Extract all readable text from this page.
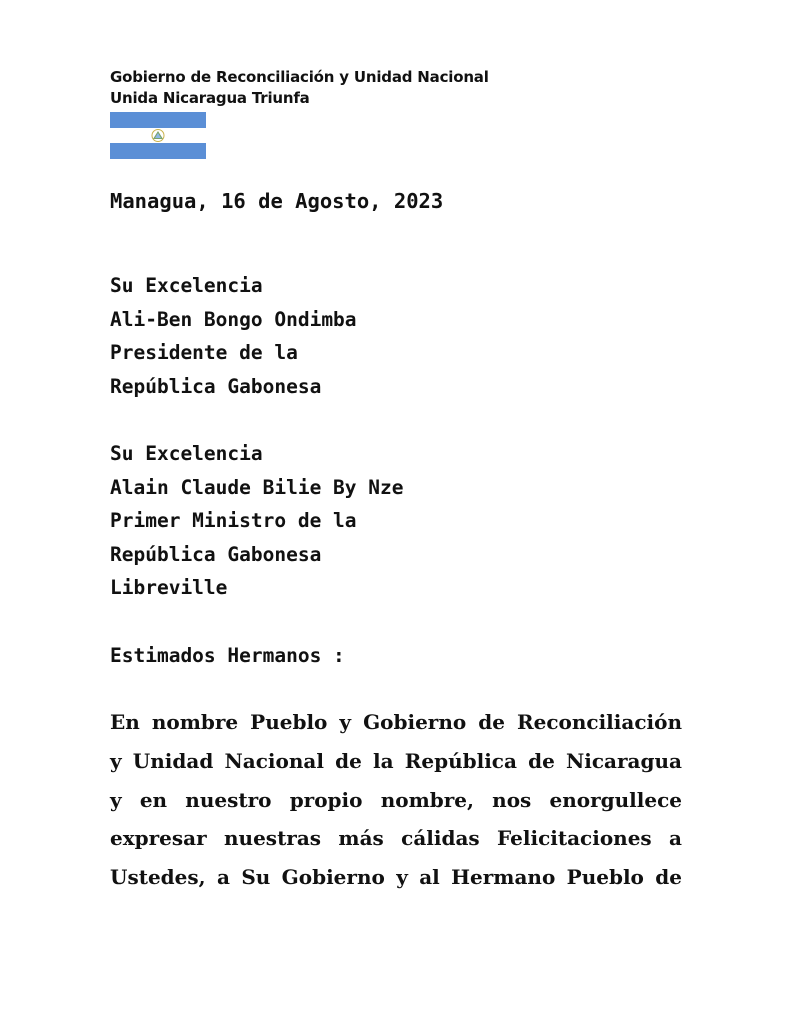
Gobierno de Reconciliación y Unidad Nacional
Unida Nicaragua Triunfa
Managua, 16 de Agosto, 2023
Su Excelencia
Ali-Ben Bongo Ondimba
Presidente de la
República Gabonesa
Su Excelencia
Alain Claude Bilie By Nze
Primer Ministro de la
República Gabonesa
Libreville
Estimados Hermanos :
En nombre Pueblo y Gobierno de Reconciliación
y Unidad Nacional de la República de Nicaragua
y en nuestro propio nombre, nos enorgullece
expresar nuestras más cálidas Felicitaciones a
Ustedes, a Su Gobierno y al Hermano Pueblo de
